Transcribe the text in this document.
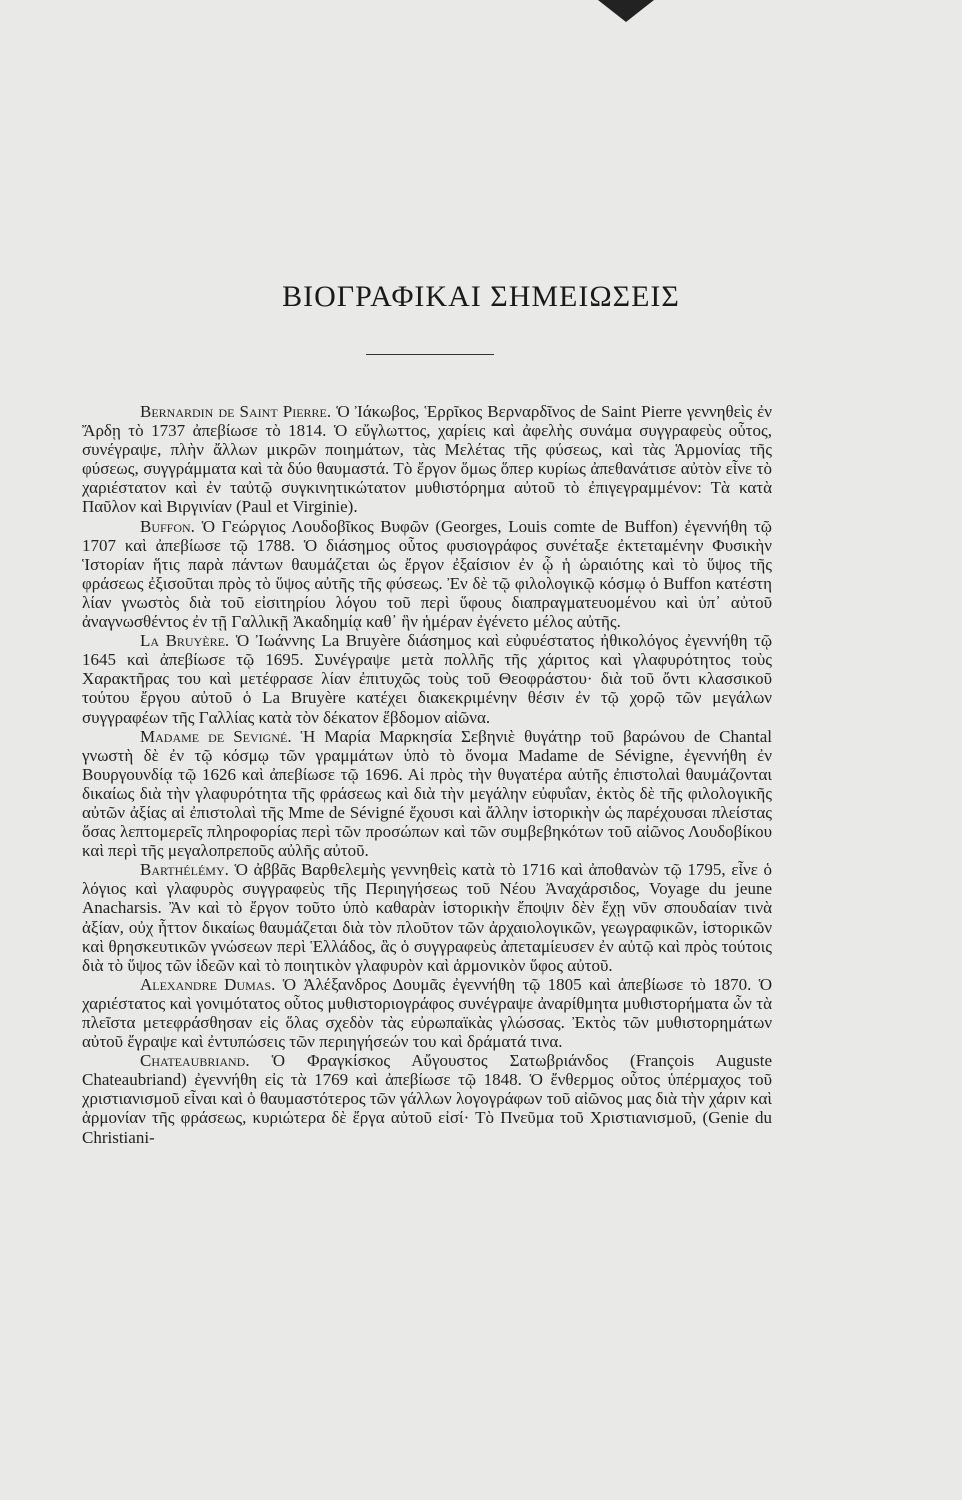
ΒΙΟΓΡΑΦΙΚΑΙ ΣΗΜΕΙΩΣΕΙΣ

Bernardin de Saint Pierre. Ὁ Ἰάκωβος, Ἑρρῖκος Βερναρδῖνος de Saint Pierre γεννηθεὶς ἐν Ἄρδῃ τὸ 1737 ἀπεβίωσε τὸ 1814. Ὁ εὔγλωττος, χαρίεις καὶ ἀφελὴς συνάμα συγγραφεὺς οὗτος, συνέγραψε, πλὴν ἄλλων μικρῶν ποιημάτων, τὰς Μελέτας τῆς φύσεως, καὶ τὰς Ἁρμονίας τῆς φύσεως, συγγράμματα καὶ τὰ δύο θαυμαστά. Τὸ ἔργον ὅμως ὅπερ κυρίως ἀπεθανάτισε αὐτὸν εἶνε τὸ χαριέστατον καὶ ἐν ταὐτῷ συγκινητικώτατον μυθιστόρημα αὐτοῦ τὸ ἐπιγεγραμμένον: Τὰ κατὰ Παῦλον καὶ Βιργινίαν (Paul et Virginie).

Buffon. Ὁ Γεώργιος Λουδοβῖκος Βυφῶν (Georges, Louis comte de Buffon) ἐγεννήθη τῷ 1707 καὶ ἀπεβίωσε τῷ 1788. Ὁ διάσημος οὗτος φυσιογράφος συνέταξε ἐκτεταμένην Φυσικὴν Ἱστορίαν ἥτις παρὰ πάντων θαυμάζεται ὡς ἔργον ἐξαίσιον ἐν ᾧ ἡ ὡραιότης καὶ τὸ ὕψος τῆς φράσεως ἐξισοῦται πρὸς τὸ ὕψος αὐτῆς τῆς φύσεως. Ἐν δὲ τῷ φιλολογικῷ κόσμῳ ὁ Buffon κατέστη λίαν γνωστὸς διὰ τοῦ εἰσιτηρίου λόγου τοῦ περὶ ὕφους διαπραγματευομένου καὶ ὑπ᾽ αὐτοῦ ἀναγνωσθέντος ἐν τῇ Γαλλικῇ Ἀκαδημίᾳ καθ᾽ ἣν ἡμέραν ἐγένετο μέλος αὐτῆς.

La Bruyère. Ὁ Ἰωάννης La Bruyère διάσημος καὶ εὐφυέστατος ἠθικολόγος ἐγεννήθη τῷ 1645 καὶ ἀπεβίωσε τῷ 1695. Συνέγραψε μετὰ πολλῆς τῆς χάριτος καὶ γλαφυρότητος τοὺς Χαρακτῆρας του καὶ μετέφρασε λίαν ἐπιτυχῶς τοὺς τοῦ Θεοφράστου· διὰ τοῦ ὄντι κλασσικοῦ τούτου ἔργου αὐτοῦ ὁ La Bruyère κατέχει διακεκριμένην θέσιν ἐν τῷ χορῷ τῶν μεγάλων συγγραφέων τῆς Γαλλίας κατὰ τὸν δέκατον ἕβδομον αἰῶνα.

Madame de Sevigné. Ἡ Μαρία Μαρκησία Σεβηνιὲ θυγάτηρ τοῦ βαρώνου de Chantal γνωστὴ δὲ ἐν τῷ κόσμῳ τῶν γραμμάτων ὑπὸ τὸ ὄνομα Madame de Sévigne, ἐγεννήθη ἐν Βουργουνδίᾳ τῷ 1626 καὶ ἀπεβίωσε τῷ 1696. Αἱ πρὸς τὴν θυγατέρα αὐτῆς ἐπιστολαὶ θαυμάζονται δικαίως διὰ τὴν γλαφυρότητα τῆς φράσεως καὶ διὰ τὴν μεγάλην εὐφυΐαν, ἐκτὸς δὲ τῆς φιλολογικῆς αὐτῶν ἀξίας αἱ ἐπιστολαὶ τῆς Mme de Sévigné ἔχουσι καὶ ἄλλην ἱστορικὴν ὡς παρέχουσαι πλείστας ὅσας λεπτομερεῖς πληροφορίας περὶ τῶν προσώπων καὶ τῶν συμβεβηκότων τοῦ αἰῶνος Λουδοβίκου καὶ περὶ τῆς μεγαλοπρεποῦς αὐλῆς αὐτοῦ.

Barthélémy. Ὁ ἀββᾶς Βαρθελεμὴς γεννηθεὶς κατὰ τὸ 1716 καὶ ἀποθανὼν τῷ 1795, εἶνε ὁ λόγιος καὶ γλαφυρὸς συγγραφεὺς τῆς Περιηγήσεως τοῦ Νέου Ἀναχάρσιδος, Voyage du jeune Anacharsis. Ἂν καὶ τὸ ἔργον τοῦτο ὑπὸ καθαρὰν ἱστορικὴν ἔποψιν δὲν ἔχῃ νῦν σπουδαίαν τινὰ ἀξίαν, οὐχ ἧττον δικαίως θαυμάζεται διὰ τὸν πλοῦτον τῶν ἀρχαιολογικῶν, γεωγραφικῶν, ἱστορικῶν καὶ θρησκευτικῶν γνώσεων περὶ Ἑλλάδος, ἃς ὁ συγγραφεὺς ἀπεταμίευσεν ἐν αὐτῷ καὶ πρὸς τούτοις διὰ τὸ ὕψος τῶν ἰδεῶν καὶ τὸ ποιητικὸν γλαφυρὸν καὶ ἁρμονικὸν ὕφος αὐτοῦ.

Alexandre Dumas. Ὁ Ἀλέξανδρος Δουμᾶς ἐγεννήθη τῷ 1805 καὶ ἀπεβίωσε τὸ 1870. Ὁ χαριέστατος καὶ γονιμότατος οὗτος μυθιστοριογράφος συνέγραψε ἀναρίθμητα μυθιστορήματα ὧν τὰ πλεῖστα μετεφράσθησαν εἰς ὅλας σχεδὸν τὰς εὐρωπαϊκὰς γλώσσας. Ἐκτὸς τῶν μυθιστορημάτων αὐτοῦ ἔγραψε καὶ ἐντυπώσεις τῶν περιηγήσεών του καὶ δράματά τινα.

Chateaubriand. Ὁ Φραγκίσκος Αὔγουστος Σατωβριάνδος (François Auguste Chateaubriand) ἐγεννήθη εἰς τὰ 1769 καὶ ἀπεβίωσε τῷ 1848. Ὁ ἔνθερμος οὗτος ὑπέρμαχος τοῦ χριστιανισμοῦ εἶναι καὶ ὁ θαυμαστότερος τῶν γάλλων λογογράφων τοῦ αἰῶνος μας διὰ τὴν χάριν καὶ ἁρμονίαν τῆς φράσεως, κυριώτερα δὲ ἔργα αὐτοῦ εἰσί· Τὸ Πνεῦμα τοῦ Χριστιανισμοῦ, (Genie du Christiani-
